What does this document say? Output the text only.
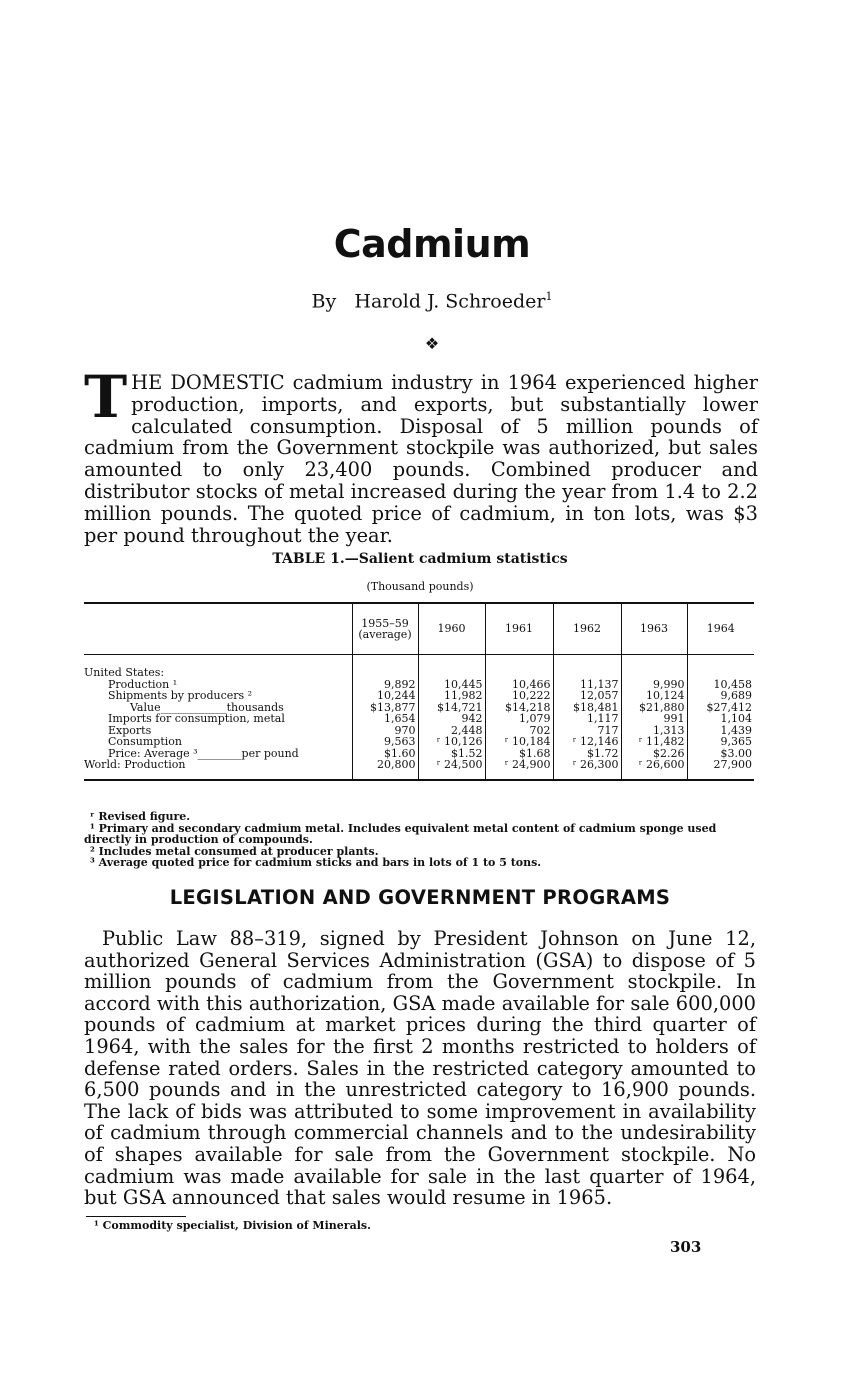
Cadmium
By Harold J. Schroeder$^1$
❖

THE DOMESTIC cadmium industry in 1964 experienced higher production, imports, and exports, but substantially lower calculated consumption. Disposal of 5 million pounds of cadmium from the Government stockpile was authorized, but sales amounted to only 23,400 pounds. Combined producer and distributor stocks of metal increased during the year from 1.4 to 2.2 million pounds. The quoted price of cadmium, in ton lots, was $3 per pound throughout the year.

TABLE 1.—Salient cadmium statistics
(Thousand pounds)
	1955–59 (average)	1960	1961	1962	1963	1964

United States:						
Production ¹	9,892	10,445	10,466	11,137	9,990	10,458
Shipments by producers ²	10,244	11,982	10,222	12,057	10,124	9,689
Value____________thousands	$13,877	$14,721	$14,218	$18,481	$21,880	$27,412
Imports for consumption, metal	1,654	942	1,079	1,117	991	1,104
Exports	970	2,448	702	717	1,313	1,439
Consumption	9,563	ʳ 10,126	ʳ 10,184	ʳ 12,146	ʳ 11,482	9,365
Price: Average ³________per pound	$1.60	$1.52	$1.68	$1.72	$2.26	$3.00
World: Production	20,800	ʳ 24,500	ʳ 24,900	ʳ 26,300	ʳ 26,600	27,900

ʳ Revised figure.
¹ Primary and secondary cadmium metal. Includes equivalent metal content of cadmium sponge used directly in production of compounds.
² Includes metal consumed at producer plants.
³ Average quoted price for cadmium sticks and bars in lots of 1 to 5 tons.
LEGISLATION AND GOVERNMENT PROGRAMS

Public Law 88–319, signed by President Johnson on June 12, authorized General Services Administration (GSA) to dispose of 5 million pounds of cadmium from the Government stockpile. In accord with this authorization, GSA made available for sale 600,000 pounds of cadmium at market prices during the third quarter of 1964, with the sales for the first 2 months restricted to holders of defense rated orders. Sales in the restricted category amounted to 6,500 pounds and in the unrestricted category to 16,900 pounds. The lack of bids was attributed to some improvement in availability of cadmium through commercial channels and to the undesirability of shapes available for sale from the Government stockpile. No cadmium was made available for sale in the last quarter of 1964, but GSA announced that sales would resume in 1965.

¹ Commodity specialist, Division of Minerals.
303
